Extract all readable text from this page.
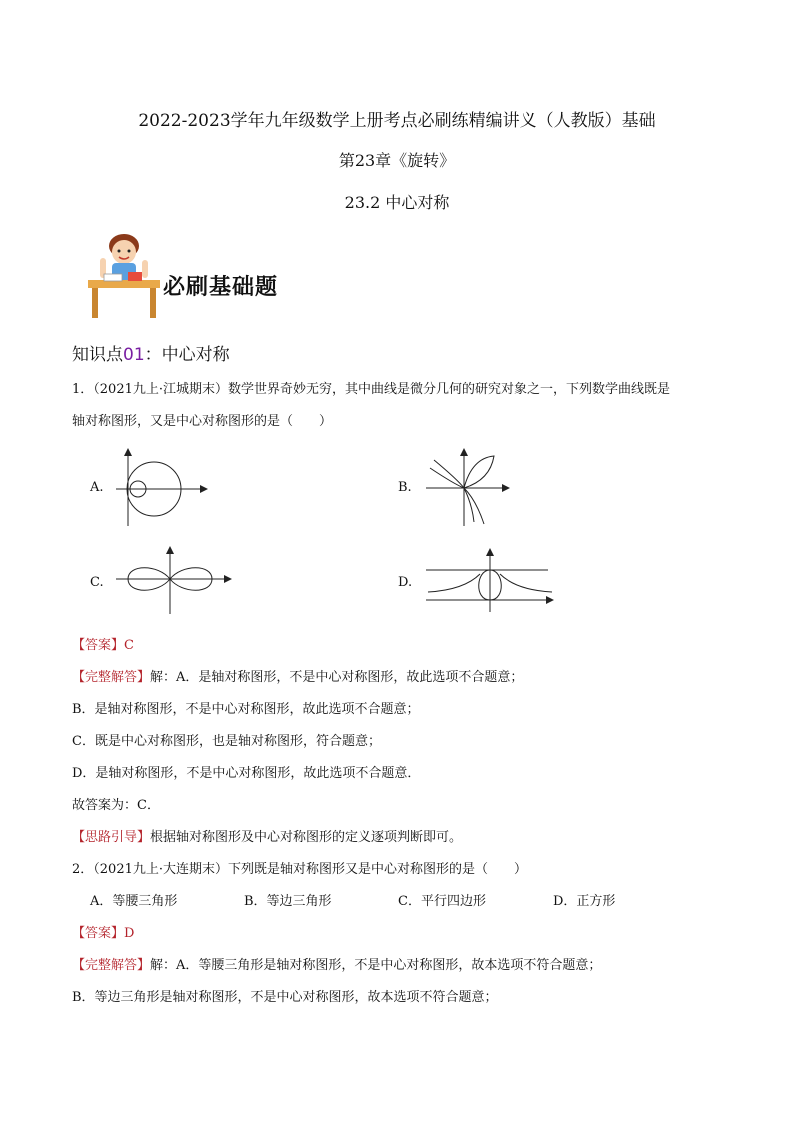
2022-2023学年九年级数学上册考点必刷练精编讲义（人教版）基础
第23章《旋转》
23.2 中心对称
必刷基础题
知识点01：中心对称
1．（2021九上·江城期末）数学世界奇妙无穷，其中曲线是微分几何的研究对象之一，下列数学曲线既是
轴对称图形，又是中心对称图形的是（　　）
A.	B.
C.	D.
【答案】C
【完整解答】解：A．是轴对称图形，不是中心对称图形，故此选项不合题意；
B．是轴对称图形，不是中心对称图形，故此选项不合题意；
C．既是中心对称图形，也是轴对称图形，符合题意；
D．是轴对称图形，不是中心对称图形，故此选项不合题意．
故答案为：C．
【思路引导】根据轴对称图形及中心对称图形的定义逐项判断即可。
2．（2021九上·大连期末）下列既是轴对称图形又是中心对称图形的是（　　）
A．等腰三角形	B．等边三角形	C．平行四边形	D．正方形
【答案】D
【完整解答】解：A．等腰三角形是轴对称图形，不是中心对称图形，故本选项不符合题意；
B．等边三角形是轴对称图形，不是中心对称图形，故本选项不符合题意；
